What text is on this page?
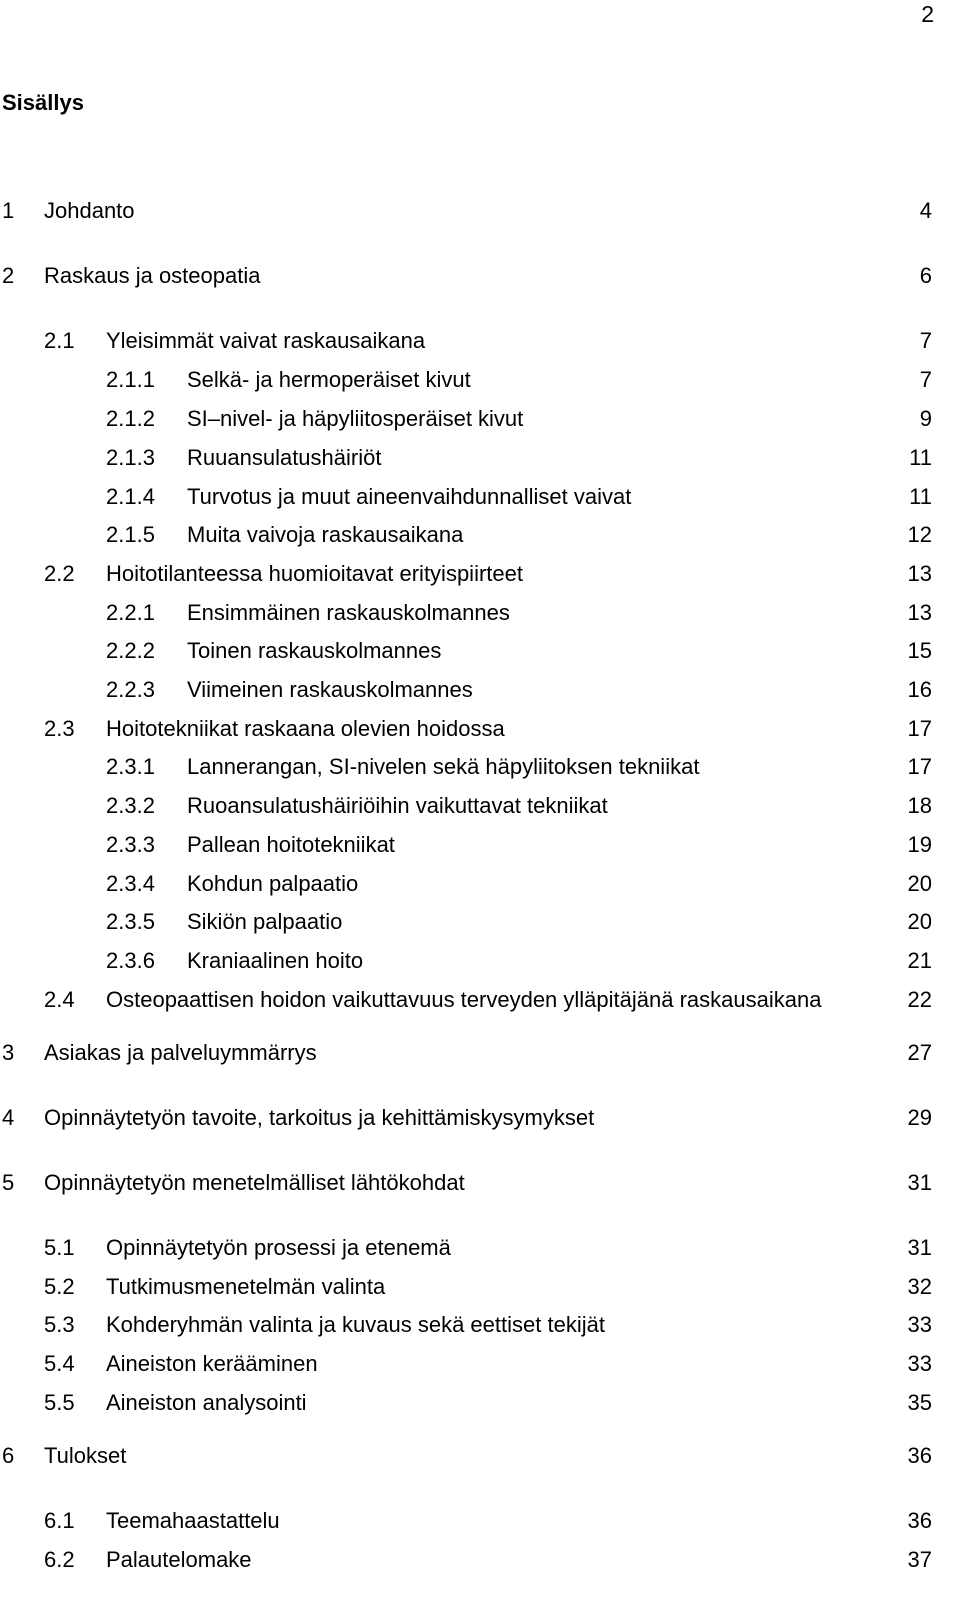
2
Sisällys
1 Johdanto	4
2 Raskaus ja osteopatia	6
2.1 Yleisimmät vaivat raskausaikana	7
2.1.1 Selkä- ja hermoperäiset kivut	7
2.1.2 SI–nivel- ja häpyliitosperäiset kivut	9
2.1.3 Ruuansulatushäiriöt	11
2.1.4 Turvotus ja muut aineenvaihdunnalliset vaivat	11
2.1.5 Muita vaivoja raskausaikana	12
2.2 Hoitotilanteessa huomioitavat erityispiirteet	13
2.2.1 Ensimmäinen raskauskolmannes	13
2.2.2 Toinen raskauskolmannes	15
2.2.3 Viimeinen raskauskolmannes	16
2.3 Hoitotekniikat raskaana olevien hoidossa	17
2.3.1 Lannerangan, SI-nivelen sekä häpyliitoksen tekniikat	17
2.3.2 Ruoansulatushäiriöihin vaikuttavat tekniikat	18
2.3.3 Pallean hoitotekniikat	19
2.3.4 Kohdun palpaatio	20
2.3.5 Sikiön palpaatio	20
2.3.6 Kraniaalinen hoito	21
2.4 Osteopaattisen hoidon vaikuttavuus terveyden ylläpitäjänä raskausaikana	22
3 Asiakas ja palveluymmärrys	27
4 Opinnäytetyön tavoite, tarkoitus ja kehittämiskysymykset	29
5 Opinnäytetyön menetelmälliset lähtökohdat	31
5.1 Opinnäytetyön prosessi ja etenemä	31
5.2 Tutkimusmenetelmän valinta	32
5.3 Kohderyhmän valinta ja kuvaus sekä eettiset tekijät	33
5.4 Aineiston kerääminen	33
5.5 Aineiston analysointi	35
6 Tulokset	36
6.1 Teemahaastattelu	36
6.2 Palautelomake	37
